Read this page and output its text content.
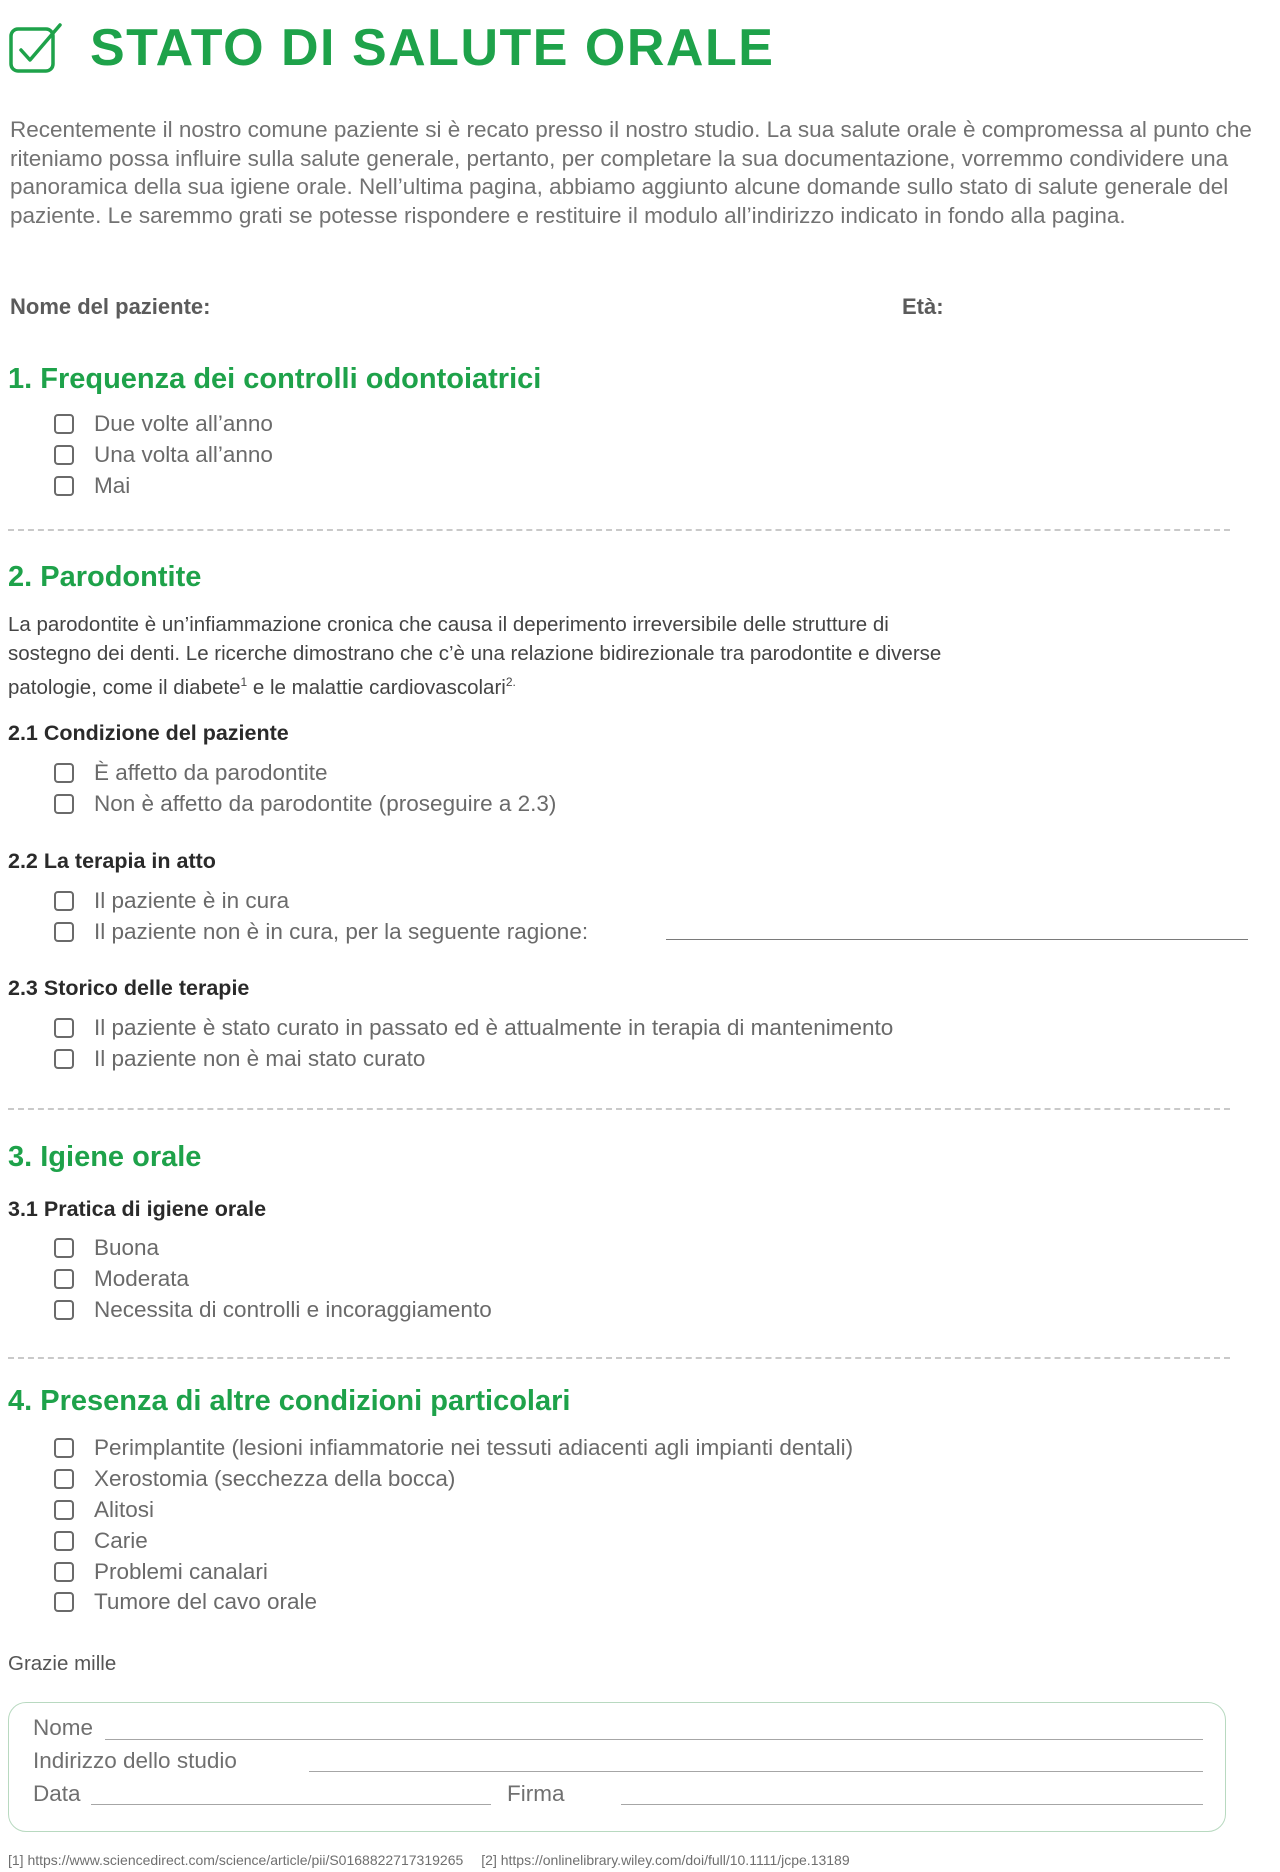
STATO DI SALUTE ORALE

Recentemente il nostro comune paziente si è recato presso il nostro studio. La sua salute orale è compromessa al punto che riteniamo possa influire sulla salute generale, pertanto, per completare la sua documentazione, vorremmo condividere una panoramica della sua igiene orale. Nell’ultima pagina, abbiamo aggiunto alcune domande sullo stato di salute generale del paziente. Le saremmo grati se potesse rispondere e restituire il modulo all’indirizzo indicato in fondo alla pagina.

Nome del paziente:	Età:
1. Frequenza dei controlli odontoiatrici
Due volte all’anno
Una volta all’anno
Mai
2. Parodontite

La parodontite è un’infiammazione cronica che causa il deperimento irreversibile delle strutture di sostegno dei denti. Le ricerche dimostrano che c’è una relazione bidirezionale tra parodontite e diverse patologie, come il diabete$^1$ e le malattie cardiovascolari$^{2.}$

2.1 Condizione del paziente
È affetto da parodontite
Non è affetto da parodontite (proseguire a 2.3)
2.2 La terapia in atto
Il paziente è in cura
Il paziente non è in cura, per la seguente ragione:
2.3 Storico delle terapie
Il paziente è stato curato in passato ed è attualmente in terapia di mantenimento
Il paziente non è mai stato curato
3. Igiene orale
3.1 Pratica di igiene orale
Buona
Moderata
Necessita di controlli e incoraggiamento
4. Presenza di altre condizioni particolari
Perimplantite (lesioni infiammatorie nei tessuti adiacenti agli impianti dentali)
Xerostomia (secchezza della bocca)
Alitosi
Carie
Problemi canalari
Tumore del cavo orale
Grazie mille
Nome
Indirizzo dello studio
Data	Firma
[1] https://www.sciencedirect.com/science/article/pii/S0168822717319265 [2] https://onlinelibrary.wiley.com/doi/full/10.1111/jcpe.13189
